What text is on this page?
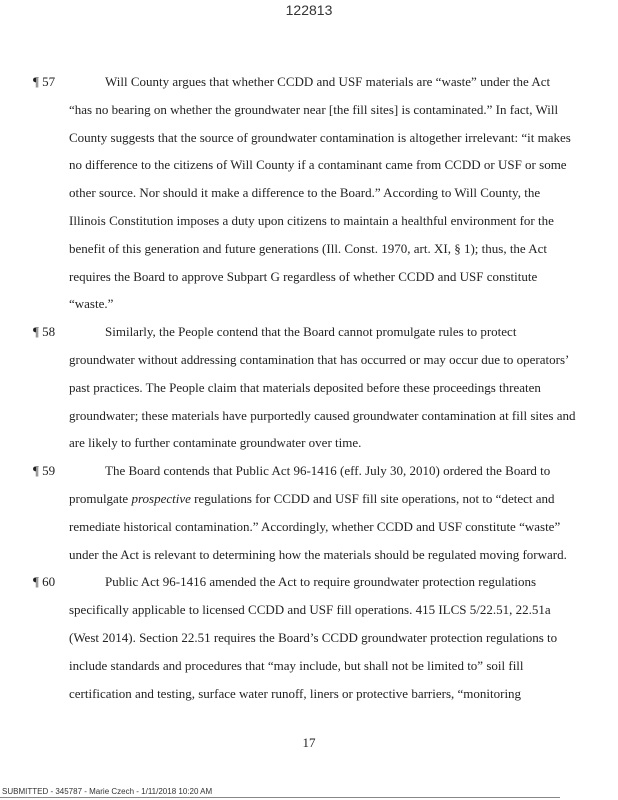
122813
¶ 57	Will County argues that whether CCDD and USF materials are “waste” under the Act
“has no bearing on whether the groundwater near [the fill sites] is contaminated.” In fact, Will
County suggests that the source of groundwater contamination is altogether irrelevant: “it makes
no difference to the citizens of Will County if a contaminant came from CCDD or USF or some
other source. Nor should it make a difference to the Board.” According to Will County, the
Illinois Constitution imposes a duty upon citizens to maintain a healthful environment for the
benefit of this generation and future generations (Ill. Const. 1970, art. XI, § 1); thus, the Act
requires the Board to approve Subpart G regardless of whether CCDD and USF constitute
“waste.”
¶ 58	Similarly, the People contend that the Board cannot promulgate rules to protect
groundwater without addressing contamination that has occurred or may occur due to operators’
past practices. The People claim that materials deposited before these proceedings threaten
groundwater; these materials have purportedly caused groundwater contamination at fill sites and
are likely to further contaminate groundwater over time.
¶ 59	The Board contends that Public Act 96-1416 (eff. July 30, 2010) ordered the Board to
promulgate prospective regulations for CCDD and USF fill site operations, not to “detect and
remediate historical contamination.” Accordingly, whether CCDD and USF constitute “waste”
under the Act is relevant to determining how the materials should be regulated moving forward.
¶ 60	Public Act 96-1416 amended the Act to require groundwater protection regulations
specifically applicable to licensed CCDD and USF fill operations. 415 ILCS 5/22.51, 22.51a
(West 2014). Section 22.51 requires the Board’s CCDD groundwater protection regulations to
include standards and procedures that “may include, but shall not be limited to” soil fill
certification and testing, surface water runoff, liners or protective barriers, “monitoring
17
SUBMITTED - 345787 - Marie Czech - 1/11/2018 10:20 AM
